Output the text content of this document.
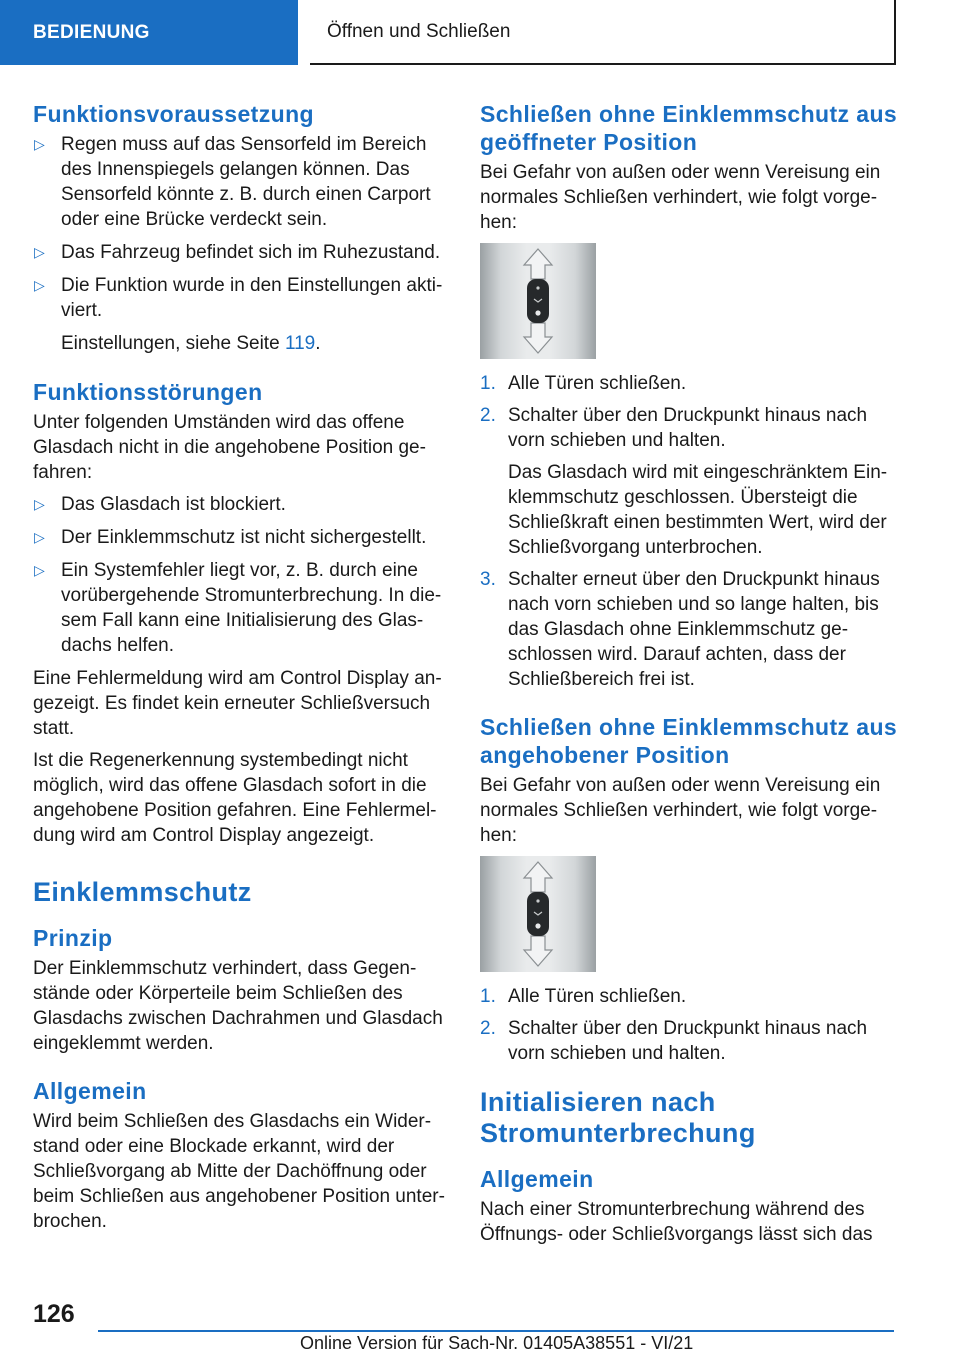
BEDIENUNG	Öffnen und Schließen
Funktionsvoraussetzung
▷ Regen muss auf das Sensorfeld im Bereich des Innenspiegels gelangen können. Das Sensorfeld könnte z. B. durch einen Carport oder eine Brücke verdeckt sein.
▷ Das Fahrzeug befindet sich im Ruhezustand.
▷ Die Funktion wurde in den Einstellungen aktiviert.
Einstellungen, siehe Seite 119.
Funktionsstörungen

Unter folgenden Umständen wird das offene Glasdach nicht in die angehobene Position gefahren:

▷ Das Glasdach ist blockiert.
▷ Der Einklemmschutz ist nicht sichergestellt.
▷ Ein Systemfehler liegt vor, z. B. durch eine vorübergehende Stromunterbrechung. In diesem Fall kann eine Initialisierung des Glasdachs helfen.

Eine Fehlermeldung wird am Control Display angezeigt. Es findet kein erneuter Schließversuch statt.

Ist die Regenerkennung systembedingt nicht möglich, wird das offene Glasdach sofort in die angehobene Position gefahren. Eine Fehlermeldung wird am Control Display angezeigt.

Einklemmschutz
Prinzip

Der Einklemmschutz verhindert, dass Gegenstände oder Körperteile beim Schließen des Glasdachs zwischen Dachrahmen und Glasdach eingeklemmt werden.

Allgemein

Wird beim Schließen des Glasdachs ein Widerstand oder eine Blockade erkannt, wird der Schließvorgang ab Mitte der Dachöffnung oder beim Schließen aus angehobener Position unterbrochen.

Schließen ohne Einklemmschutz aus geöffneter Position

Bei Gefahr von außen oder wenn Vereisung ein normales Schließen verhindert, wie folgt vorgehen:

1. Alle Türen schließen.
2. Schalter über den Druckpunkt hinaus nach vorn schieben und halten.
Das Glasdach wird mit eingeschränktem Einklemmschutz geschlossen. Übersteigt die Schließkraft einen bestimmten Wert, wird der Schließvorgang unterbrochen.
3. Schalter erneut über den Druckpunkt hinaus nach vorn schieben und so lange halten, bis das Glasdach ohne Einklemmschutz geschlossen wird. Darauf achten, dass der Schließbereich frei ist.
Schließen ohne Einklemmschutz aus angehobener Position

Bei Gefahr von außen oder wenn Vereisung ein normales Schließen verhindert, wie folgt vorgehen:

1. Alle Türen schließen.
2. Schalter über den Druckpunkt hinaus nach vorn schieben und halten.
Initialisieren nach Stromunterbrechung
Allgemein

Nach einer Stromunterbrechung während des Öffnungs- oder Schließvorgangs lässt sich das

126
Online Version für Sach-Nr. 01405A38551 - VI/21
